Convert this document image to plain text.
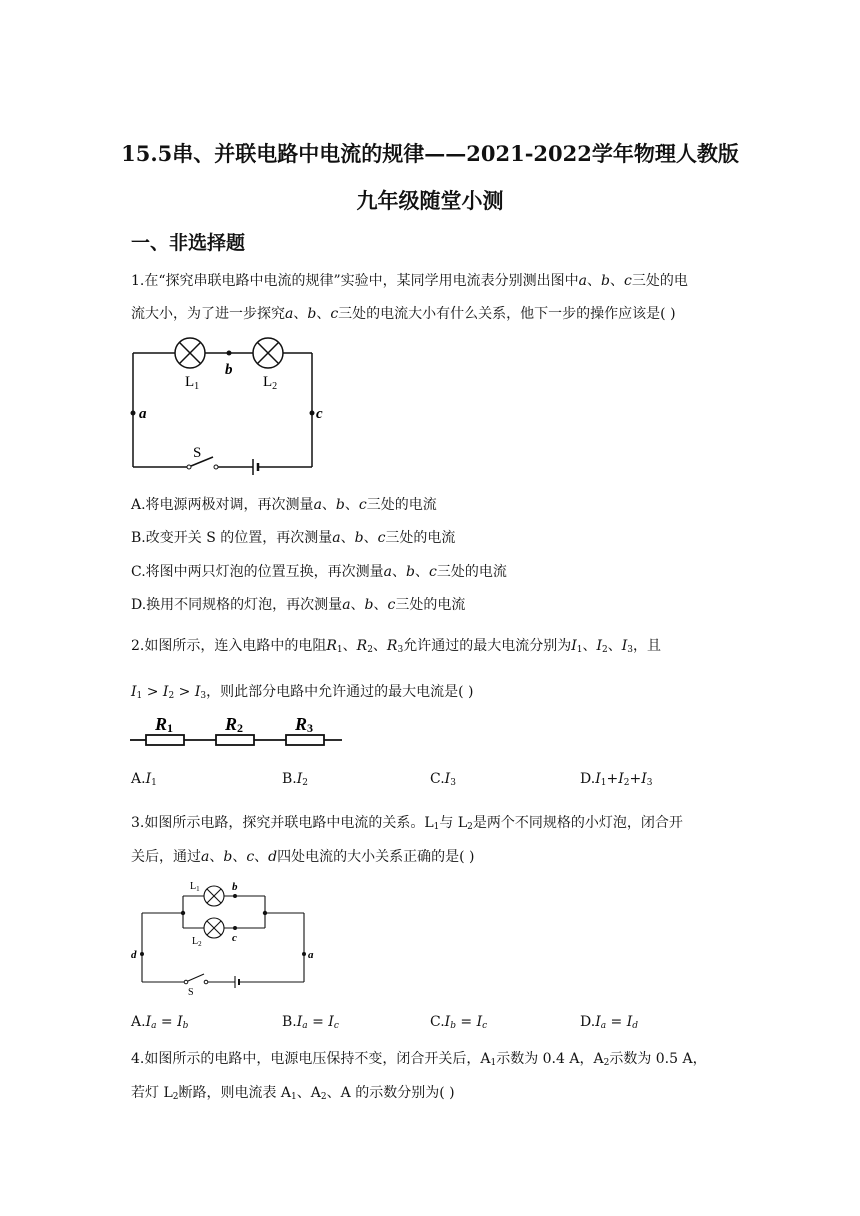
15.5串、并联电路中电流的规律——2021-2022学年物理人教版
九年级随堂小测
一、非选择题
1.在“探究串联电路中电流的规律”实验中，某同学用电流表分别测出图中a、b、c三处的电
流大小，为了进一步探究a、b、c三处的电流大小有什么关系，他下一步的操作应该是( )
$L_1$
b
$L_2$
a	c
S
A.将电源两极对调，再次测量a、b、c三处的电流
B.改变开关 S 的位置，再次测量a、b、c三处的电流
C.将图中两只灯泡的位置互换，再次测量a、b、c三处的电流
D.换用不同规格的灯泡，再次测量a、b、c三处的电流
2.如图所示，连入电路中的电阻$R_1$、$R_2$、$R_3$允许通过的最大电流分别为$I_1$、$I_2$、$I_3$，且
$I_1 > I_2 > I_3$，则此部分电路中允许通过的最大电流是( )
R1	R2	R3
$A.I_1$	$B.I_2$	$C.I_3$	$D.I_1+I_2+I_3$
3.如图所示电路，探究并联电路中电流的关系。$L_1$与 $L_2$是两个不同规格的小灯泡，闭合开
关后，通过a、b、c、d四处电流的大小关系正确的是( )
$L_1$	b
$L_2$	c
d	a
S
$A.I_a = I_b$	$B.I_a = I_c$	$C.I_b = I_c$	$D.I_a = I_d$
4.如图所示的电路中，电源电压保持不变，闭合开关后，$A_1$示数为 0.4 A，$A_2$示数为 0.5 A，
若灯 $L_2$断路，则电流表 $A_1$、$A_2$、A 的示数分别为( )
